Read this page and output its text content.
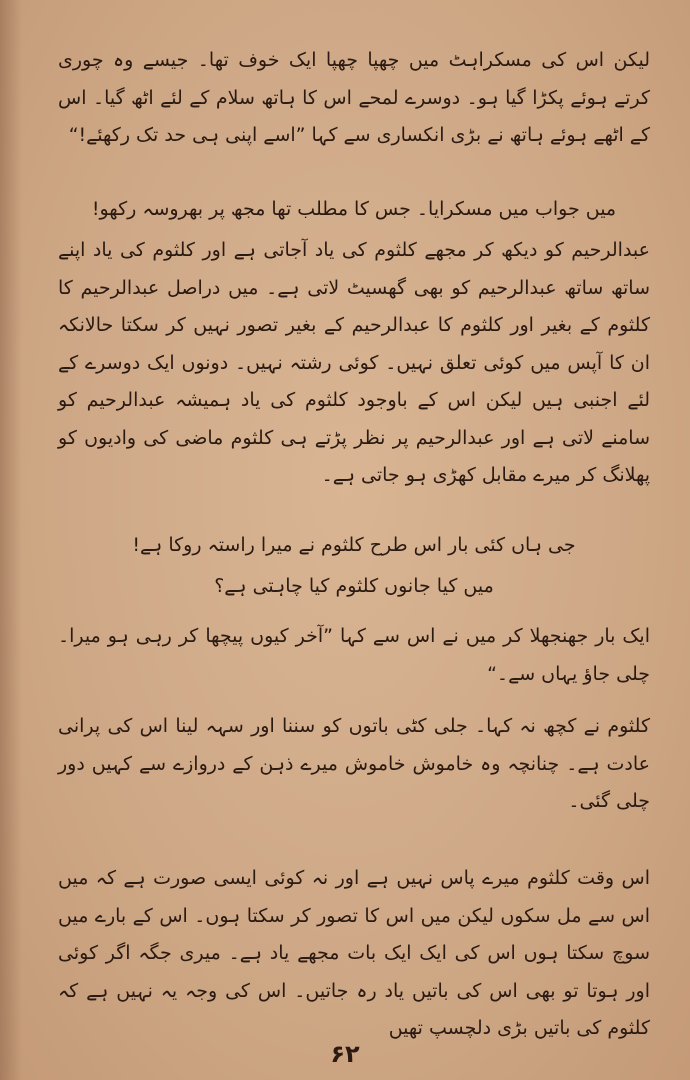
لیکن اس کی مسکراہٹ میں چھپا چھپا ایک خوف تھا۔ جیسے وہ چوری کرتے ہوئے پکڑا گیا ہو۔ دوسرے لمحے اس کا ہاتھ سلام کے لئے اٹھ گیا۔ اس کے اٹھے ہوئے ہاتھ نے بڑی انکساری سے کہا ”اسے اپنی ہی حد تک رکھئے!“

میں جواب میں مسکرایا۔ جس کا مطلب تھا مجھ پر بھروسہ رکھو!

عبدالرحیم کو دیکھ کر مجھے کلثوم کی یاد آجاتی ہے اور کلثوم کی یاد اپنے ساتھ ساتھ عبدالرحیم کو بھی گھسیٹ لاتی ہے۔ میں دراصل عبدالرحیم کا کلثوم کے بغیر اور کلثوم کا عبدالرحیم کے بغیر تصور نہیں کر سکتا حالانکہ ان کا آپس میں کوئی تعلق نہیں۔ کوئی رشتہ نہیں۔ دونوں ایک دوسرے کے لئے اجنبی ہیں لیکن اس کے باوجود کلثوم کی یاد ہمیشہ عبدالرحیم کو سامنے لاتی ہے اور عبدالرحیم پر نظر پڑتے ہی کلثوم ماضی کی وادیوں کو پھلانگ کر میرے مقابل کھڑی ہو جاتی ہے۔

جی ہاں کئی بار اس طرح کلثوم نے میرا راستہ روکا ہے!

میں کیا جانوں کلثوم کیا چاہتی ہے؟

ایک بار جھنجھلا کر میں نے اس سے کہا ”آخر کیوں پیچھا کر رہی ہو میرا۔ چلی جاؤ یہاں سے۔“

کلثوم نے کچھ نہ کہا۔ جلی کٹی باتوں کو سننا اور سہہ لینا اس کی پرانی عادت ہے۔ چنانچہ وہ خاموش خاموش میرے ذہن کے دروازے سے کہیں دور چلی گئی۔

اس وقت کلثوم میرے پاس نہیں ہے اور نہ کوئی ایسی صورت ہے کہ میں اس سے مل سکوں لیکن میں اس کا تصور کر سکتا ہوں۔ اس کے بارے میں سوچ سکتا ہوں اس کی ایک ایک بات مجھے یاد ہے۔ میری جگہ اگر کوئی اور ہوتا تو بھی اس کی باتیں یاد رہ جاتیں۔ اس کی وجہ یہ نہیں ہے کہ کلثوم کی باتیں بڑی دلچسپ تھیں

۶۲
